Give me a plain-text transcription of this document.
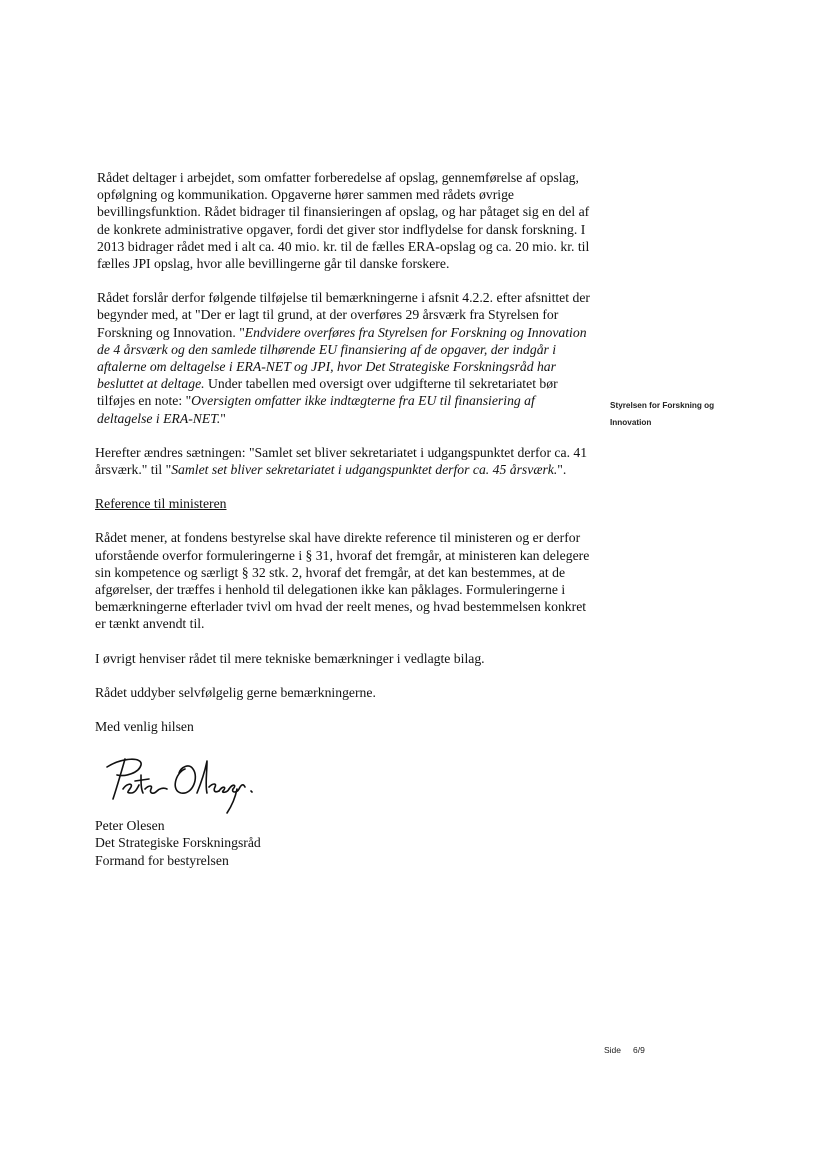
Rådet deltager i arbejdet, som omfatter forberedelse af opslag, gennemførelse af opslag, opfølgning og kommunikation. Opgaverne hører sammen med rådets øvrige bevillingsfunktion. Rådet bidrager til finansieringen af opslag, og har påtaget sig en del af de konkrete administrative opgaver, fordi det giver stor indflydelse for dansk forskning. I 2013 bidrager rådet med i alt ca. 40 mio. kr. til de fælles ERA-opslag og ca. 20 mio. kr. til fælles JPI opslag, hvor alle bevillingerne går til danske forskere.

Rådet forslår derfor følgende tilføjelse til bemærkningerne i afsnit 4.2.2. efter afsnittet der begynder med, at "Der er lagt til grund, at der overføres 29 årsværk fra Styrelsen for Forskning og Innovation. "Endvidere overføres fra Styrelsen for Forskning og Innovation de 4 årsværk og den samlede tilhørende EU finansiering af de opgaver, der indgår i aftalerne om deltagelse i ERA-NET og JPI, hvor Det Strategiske Forskningsråd har besluttet at deltage. Under tabellen med oversigt over udgifterne til sekretariatet bør tilføjes en note: "Oversigten omfatter ikke indtægterne fra EU til finansiering af deltagelse i ERA-NET."

Herefter ændres sætningen: "Samlet set bliver sekretariatet i udgangspunktet derfor ca. 41 årsværk." til "Samlet set bliver sekretariatet i udgangspunktet derfor ca. 45 årsværk.".

Reference til ministeren

Rådet mener, at fondens bestyrelse skal have direkte reference til ministeren og er derfor uforstående overfor formuleringerne i § 31, hvoraf det fremgår, at ministeren kan delegere sin kompetence og særligt § 32 stk. 2, hvoraf det fremgår, at det kan bestemmes, at de afgørelser, der træffes i henhold til delegationen ikke kan påklages. Formuleringerne i bemærkningerne efterlader tvivl om hvad der reelt menes, og hvad bestemmelsen konkret er tænkt anvendt til.

I øvrigt henviser rådet til mere tekniske bemærkninger i vedlagte bilag.

Rådet uddyber selvfølgelig gerne bemærkningerne.

Med venlig hilsen

Peter Olesen
Det Strategiske Forskningsråd
Formand for bestyrelsen
Styrelsen for Forskning og
Innovation
Side 6/9
